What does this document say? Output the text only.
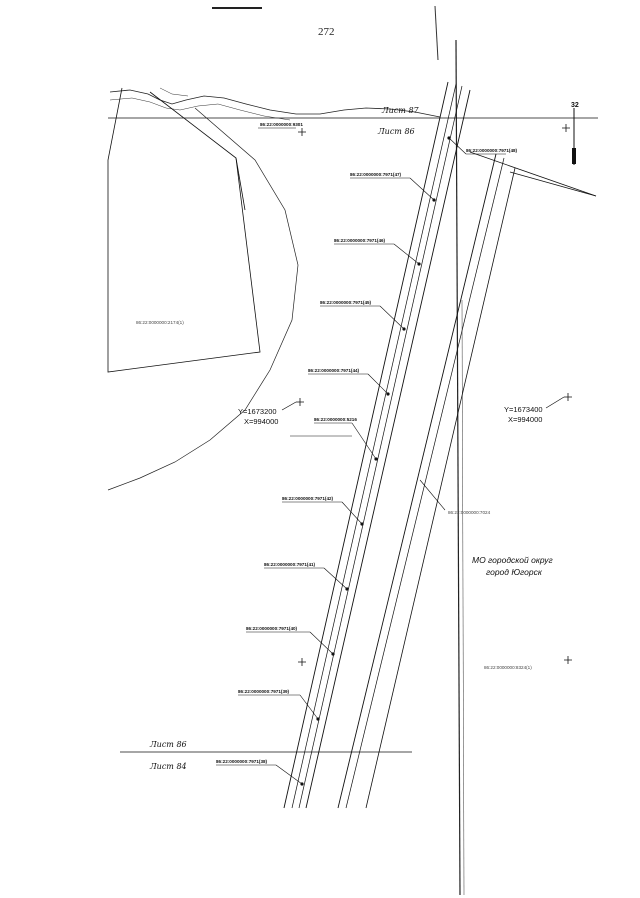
272
32
Лист 87
Лист 86
Лист 86
Лист 84
Y=1673200
X=994000
Y=1673400
X=994000
МО городской округ
город Югорск
86:22:0000000:2174(1)
86:22:0000000:8324(1)
86:22:0000000:7024
86:22:0000000:9301
86:22:0000000:7971(48)
86:22:0000000:7971(47)
86:22:0000000:7971(46)
86:22:0000000:7971(45)
86:22:0000000:7971(44)
86:22:0000000:5216
86:22:0000000:7971(42)
86:22:0000000:7971(41)
86:22:0000000:7971(40)
86:22:0000000:7971(39)
86:22:0000000:7971(38)
